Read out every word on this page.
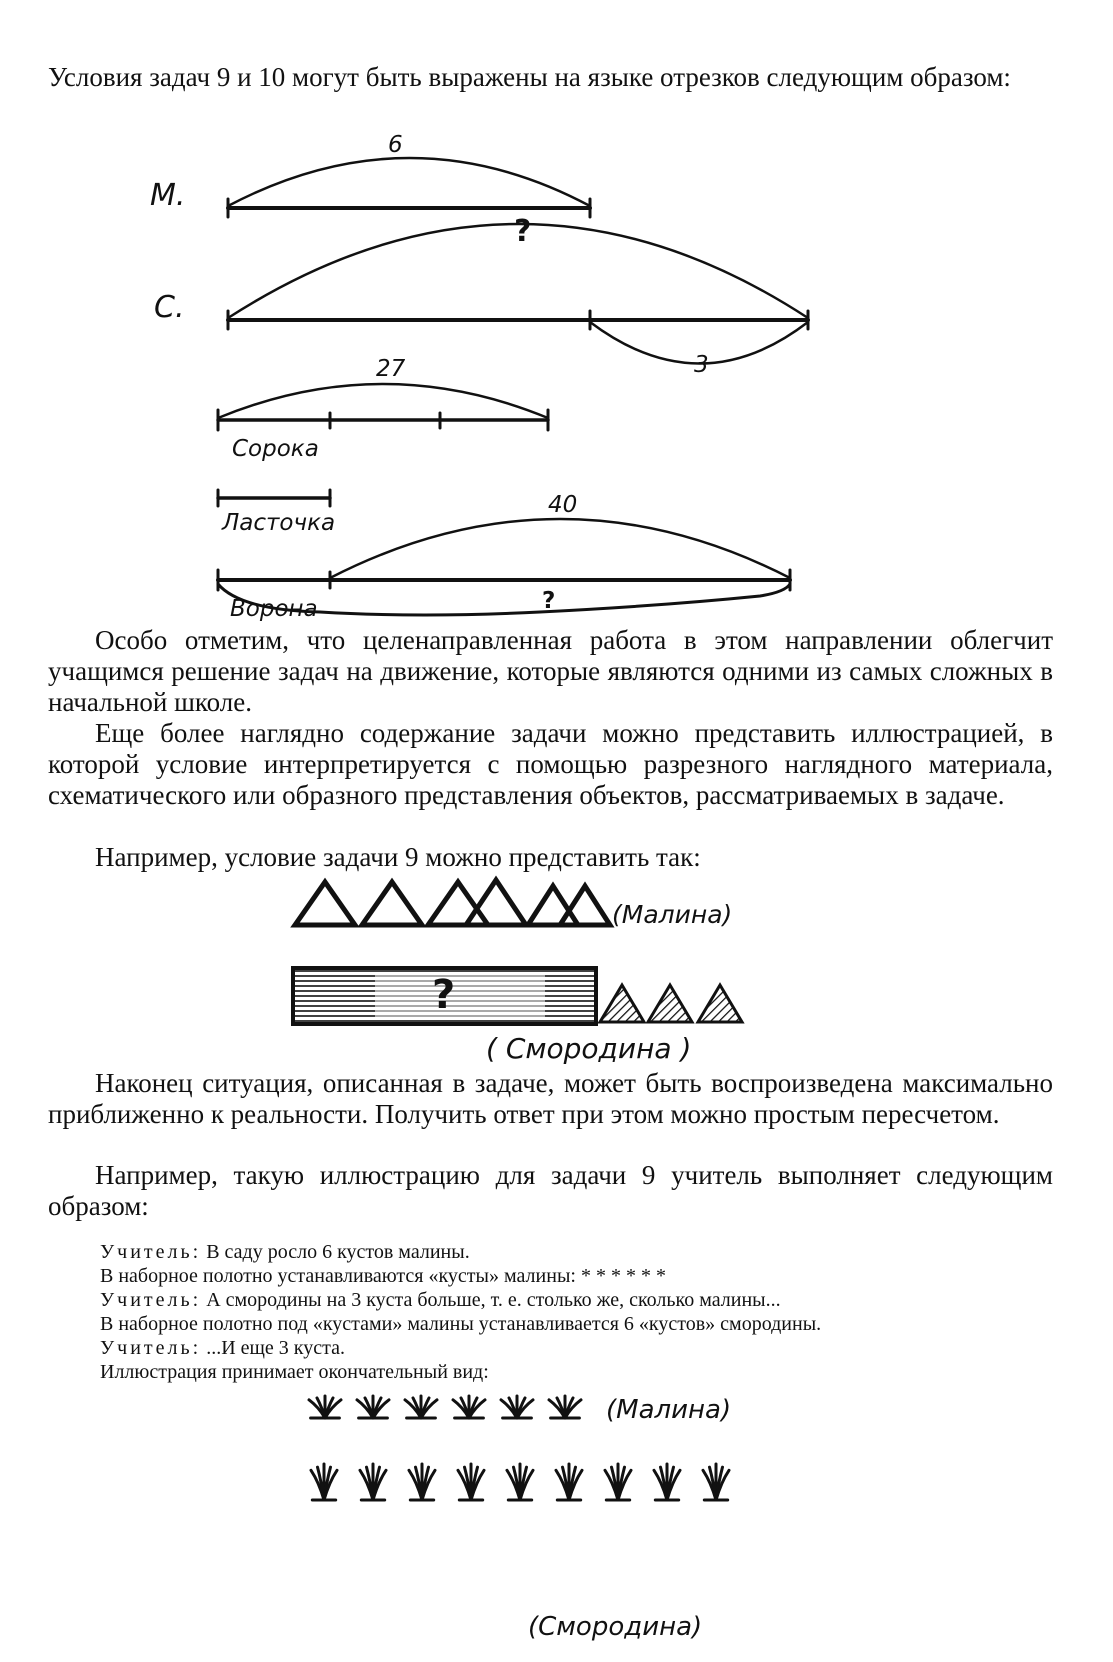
Условия задач 9 и 10 могут быть выражены на языке отрезков следующим образом:

М.
6
?
С.
3
27
Сорока
Ласточка
40
Ворона	?

Особо отметим, что целенаправленная работа в этом направлении облегчит учащимся решение задач на движение, которые являются одними из самых сложных в начальной школе.

Еще более наглядно содержание задачи можно представить иллюстрацией, в которой условие интерпретируется с помощью разрезного наглядного материала, схематического или образного представления объектов, рассматриваемых в задаче.

Например, условие задачи 9 можно представить так:

(Малина)
?
( Смородина )

Наконец ситуация, описанная в задаче, может быть воспроизведена максимально приближенно к реальности. Получить ответ при этом можно простым пересчетом.

Например, такую иллюстрацию для задачи 9 учитель выполняет следующим образом:

Учитель: В саду росло 6 кустов малины.
В наборное полотно устанавливаются «кусты» малины: * * * * * *
Учитель: А смородины на 3 куста больше, т. е. столько же, сколько малины...
В наборное полотно под «кустами» малины устанавливается 6 «кустов» смородины.
Учитель: ...И еще 3 куста.
Иллюстрация принимает окончательный вид:
(Малина)
(Смородина)
